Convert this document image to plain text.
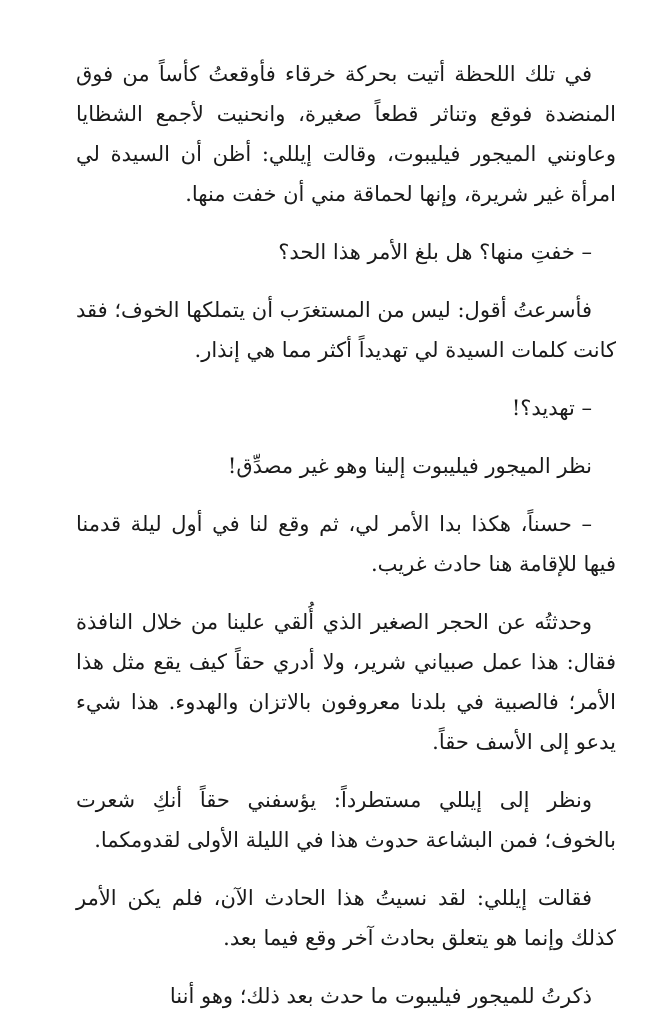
في تلك اللحظة أتيت بحركة خرقاء فأوقعتُ كأساً من فوق المنضدة فوقع وتناثر قطعاً صغيرة، وانحنيت لأجمع الشظايا وعاونني الميجور فيليبوت، وقالت إيللي: أظن أن السيدة لي امرأة غير شريرة، وإنها لحماقة مني أن خفت منها.

– خفتِ منها؟ هل بلغ الأمر هذا الحد؟

فأسرعتُ أقول: ليس من المستغرَب أن يتملكها الخوف؛ فقد كانت كلمات السيدة لي تهديداً أكثر مما هي إنذار.

– تهديد؟!

نظر الميجور فيليبوت إلينا وهو غير مصدِّق!

– حسناً، هكذا بدا الأمر لي، ثم وقع لنا في أول ليلة قدمنا فيها للإقامة هنا حادث غريب.

وحدثتُه عن الحجر الصغير الذي أُلقي علينا من خلال النافذة فقال: هذا عمل صبياني شرير، ولا أدري حقاً كيف يقع مثل هذا الأمر؛ فالصبية في بلدنا معروفون بالاتزان والهدوء. هذا شيء يدعو إلى الأسف حقاً.

ونظر إلى إيللي مستطرداً: يؤسفني حقاً أنكِ شعرت بالخوف؛ فمن البشاعة حدوث هذا في الليلة الأولى لقدومكما.

فقالت إيللي: لقد نسيتُ هذا الحادث الآن، فلم يكن الأمر كذلك وإنما هو يتعلق بحادث آخر وقع فيما بعد.

ذكرتُ للميجور فيليبوت ما حدث بعد ذلك؛ وهو أننا
